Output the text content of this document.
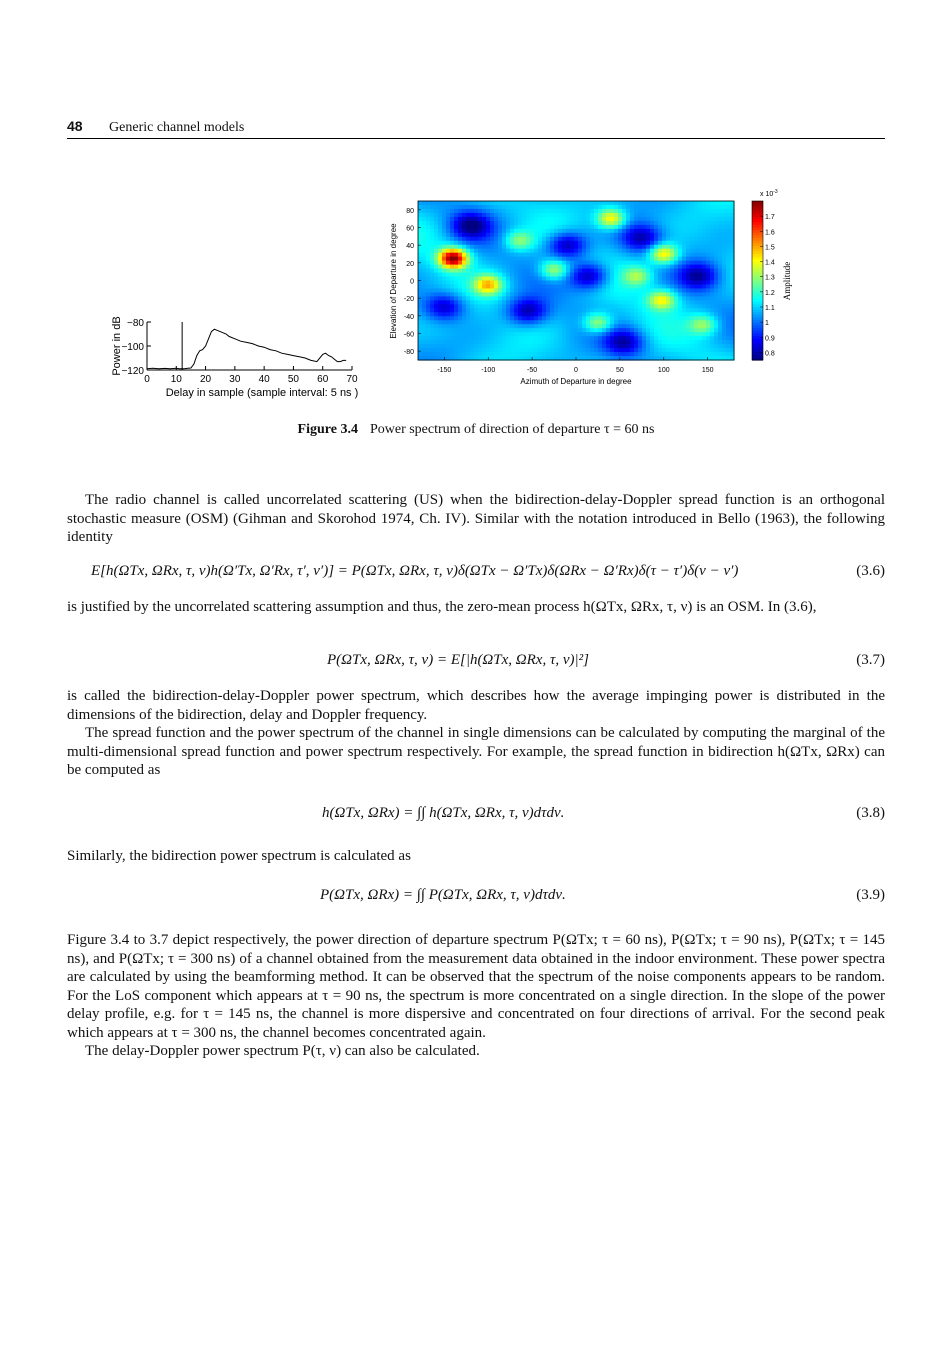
48 Generic channel models
−80
−100
−120
0 10 20 30 40 50 60 70
Power in dB
Delay in sample (sample interval: 5 ns )
80
60
40
20
0
-20
-40
-60
-80
-150	-100	-50	0	50	100	150
Elevation of Departure in degree
Azimuth of Departure in degree
1.7
1.6
1.5
1.4
1.3
1.2
1.1
1
0.9
0.8
x $10^{-3}$
Amplitude
Figure 3.4 Power spectrum of direction of departure τ = 60 ns

The radio channel is called uncorrelated scattering (US) when the bidirection-delay-Doppler spread function is an orthogonal stochastic measure (OSM) (Gihman and Skorohod 1974, Ch. IV). Similar with the notation introduced in Bello (1963), the following identity

E[h(ΩTx, ΩRx, τ, ν)h(Ω′Tx, Ω′Rx, τ′, ν′)] = P(ΩTx, ΩRx, τ, ν)δ(ΩTx − Ω′Tx)δ(ΩRx − Ω′Rx)δ(τ − τ′)δ(ν − ν′)	(3.6)

is justified by the uncorrelated scattering assumption and thus, the zero-mean process h(ΩTx, ΩRx, τ, ν) is an OSM. In (3.6),

P(ΩTx, ΩRx, τ, ν) = E[|h(ΩTx, ΩRx, τ, ν)|²]	(3.7)

is called the bidirection-delay-Doppler power spectrum, which describes how the average impinging power is distributed in the dimensions of the bidirection, delay and Doppler frequency.

The spread function and the power spectrum of the channel in single dimensions can be calculated by computing the marginal of the multi-dimensional spread function and power spectrum respectively. For example, the spread function in bidirection h(ΩTx, ΩRx) can be computed as

h(ΩTx, ΩRx) = ∫∫ h(ΩTx, ΩRx, τ, ν)dτdν.	(3.8)

Similarly, the bidirection power spectrum is calculated as

P(ΩTx, ΩRx) = ∫∫ P(ΩTx, ΩRx, τ, ν)dτdν.	(3.9)

Figure 3.4 to 3.7 depict respectively, the power direction of departure spectrum P(ΩTx; τ = 60 ns), P(ΩTx; τ = 90 ns), P(ΩTx; τ = 145 ns), and P(ΩTx; τ = 300 ns) of a channel obtained from the measurement data obtained in the indoor environment. These power spectra are calculated by using the beamforming method. It can be observed that the spectrum of the noise components appears to be random. For the LoS component which appears at τ = 90 ns, the spectrum is more concentrated on a single direction. In the slope of the power delay profile, e.g. for τ = 145 ns, the channel is more dispersive and concentrated on four directions of arrival. For the second peak which appears at τ = 300 ns, the channel becomes concentrated again.

The delay-Doppler power spectrum P(τ, ν) can also be calculated.
